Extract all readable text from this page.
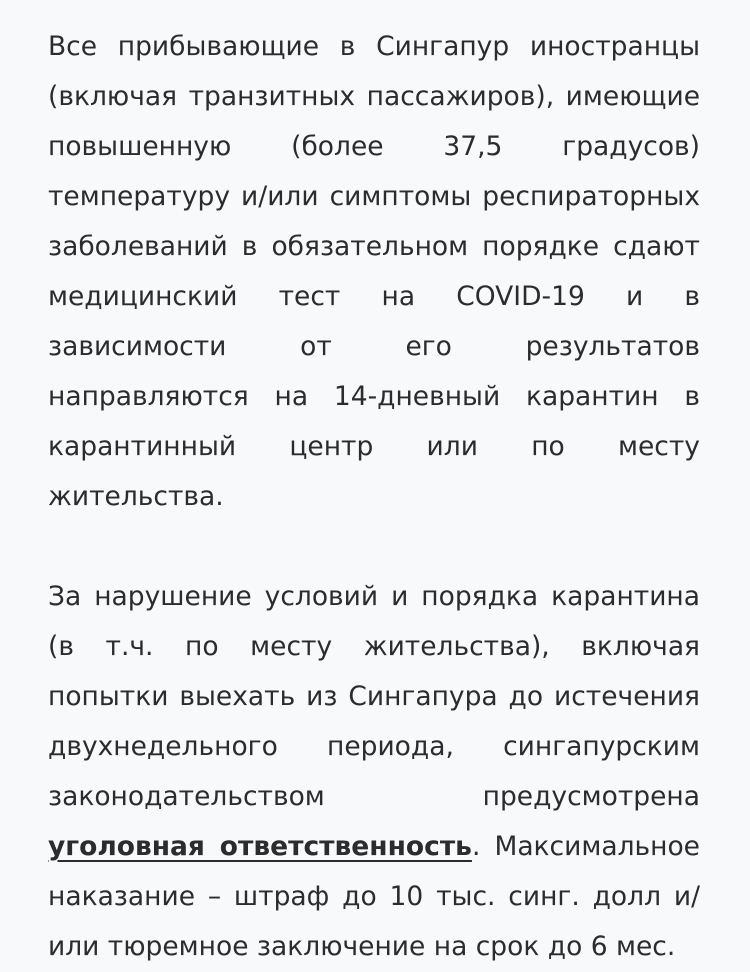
Все прибывающие в Сингапур иностранцы (включая транзитных пассажиров), имеющие повышенную (более 37,5 градусов) температуру и/или симптомы респираторных заболеваний в обязательном порядке сдают медицинский тест на COVID-19 и в зависимости от его результатов направляются на 14-дневный карантин в карантинный центр или по месту жительства.

За нарушение условий и порядка карантина (в т.ч. по месту жительства), включая попытки выехать из Сингапура до истечения двухнедельного периода, сингапурским законодательством предусмотрена уголовная ответственность. Максимальное наказание – штраф до 10 тыс. синг. долл и/или тюремное заключение на срок до 6 мес.
